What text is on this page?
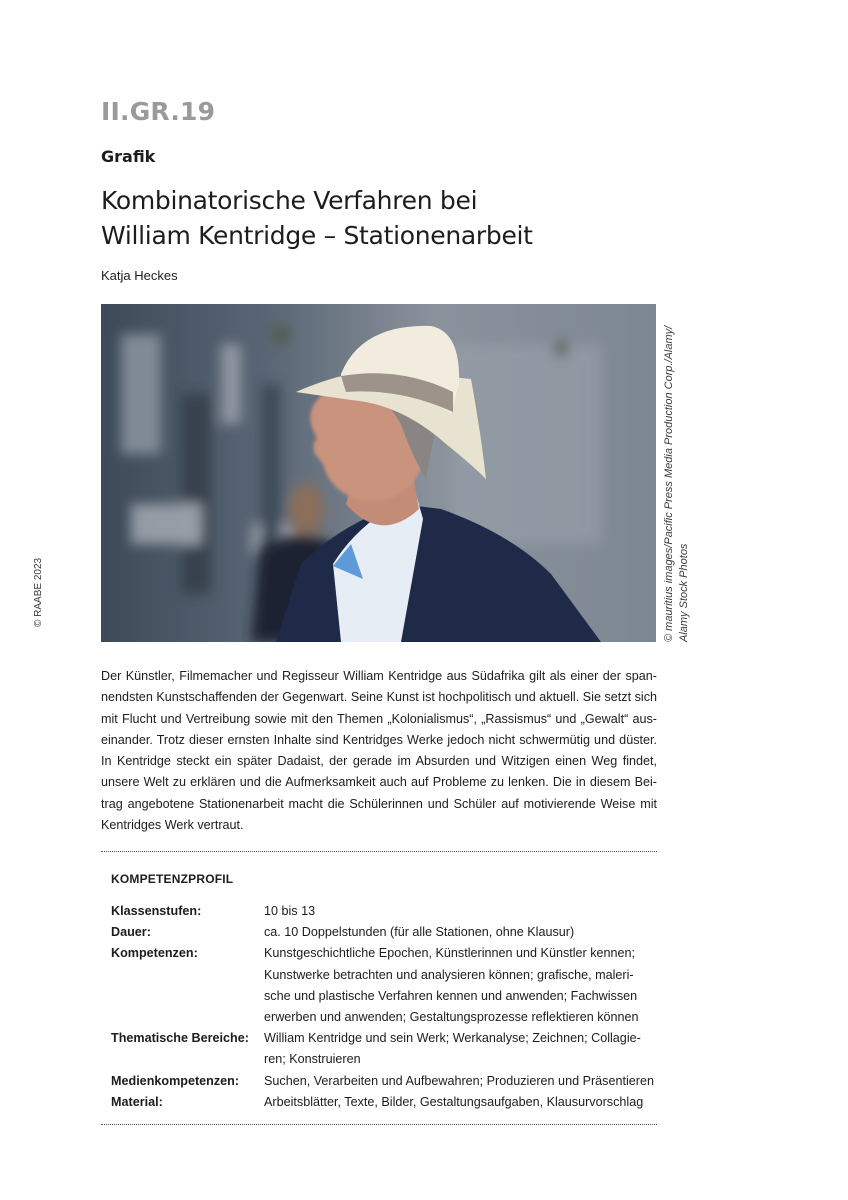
II.GR.19
Grafik
Kombinatorische Verfahren bei
William Kentridge – Stationenarbeit
Katja Heckes
© mauritius images/Pacific Press Media Production Corp./Alamy/ Alamy Stock Photos
© RAABE 2023
Der Künstler, Filmemacher und Regisseur William Kentridge aus Südafrika gilt als einer der span-
nendsten Kunstschaffenden der Gegenwart. Seine Kunst ist hochpolitisch und aktuell. Sie setzt sich
mit Flucht und Vertreibung sowie mit den Themen „Kolonialismus“, „Rassismus“ und „Gewalt“ aus-
einander. Trotz dieser ernsten Inhalte sind Kentridges Werke jedoch nicht schwermütig und düster.
In Kentridge steckt ein später Dadaist, der gerade im Absurden und Witzigen einen Weg findet,
unsere Welt zu erklären und die Aufmerksamkeit auch auf Probleme zu lenken. Die in diesem Bei-
trag angebotene Stationenarbeit macht die Schülerinnen und Schüler auf motivierende Weise mit
Kentridges Werk vertraut.
KOMPETENZPROFIL
Klassenstufen:	10 bis 13
Dauer:	ca. 10 Doppelstunden (für alle Stationen, ohne Klausur)
Kompetenzen:	Kunstgeschichtliche Epochen, Künstlerinnen und Künstler kennen;
Kunstwerke betrachten und analysieren können; grafische, maleri-
sche und plastische Verfahren kennen und anwenden; Fachwissen
erwerben und anwenden; Gestaltungsprozesse reflektieren können
Thematische Bereiche:	William Kentridge und sein Werk; Werkanalyse; Zeichnen; Collagie-
ren; Konstruieren
Medienkompetenzen:	Suchen, Verarbeiten und Aufbewahren; Produzieren und Präsentieren
Material:	Arbeitsblätter, Texte, Bilder, Gestaltungsaufgaben, Klausurvorschlag
